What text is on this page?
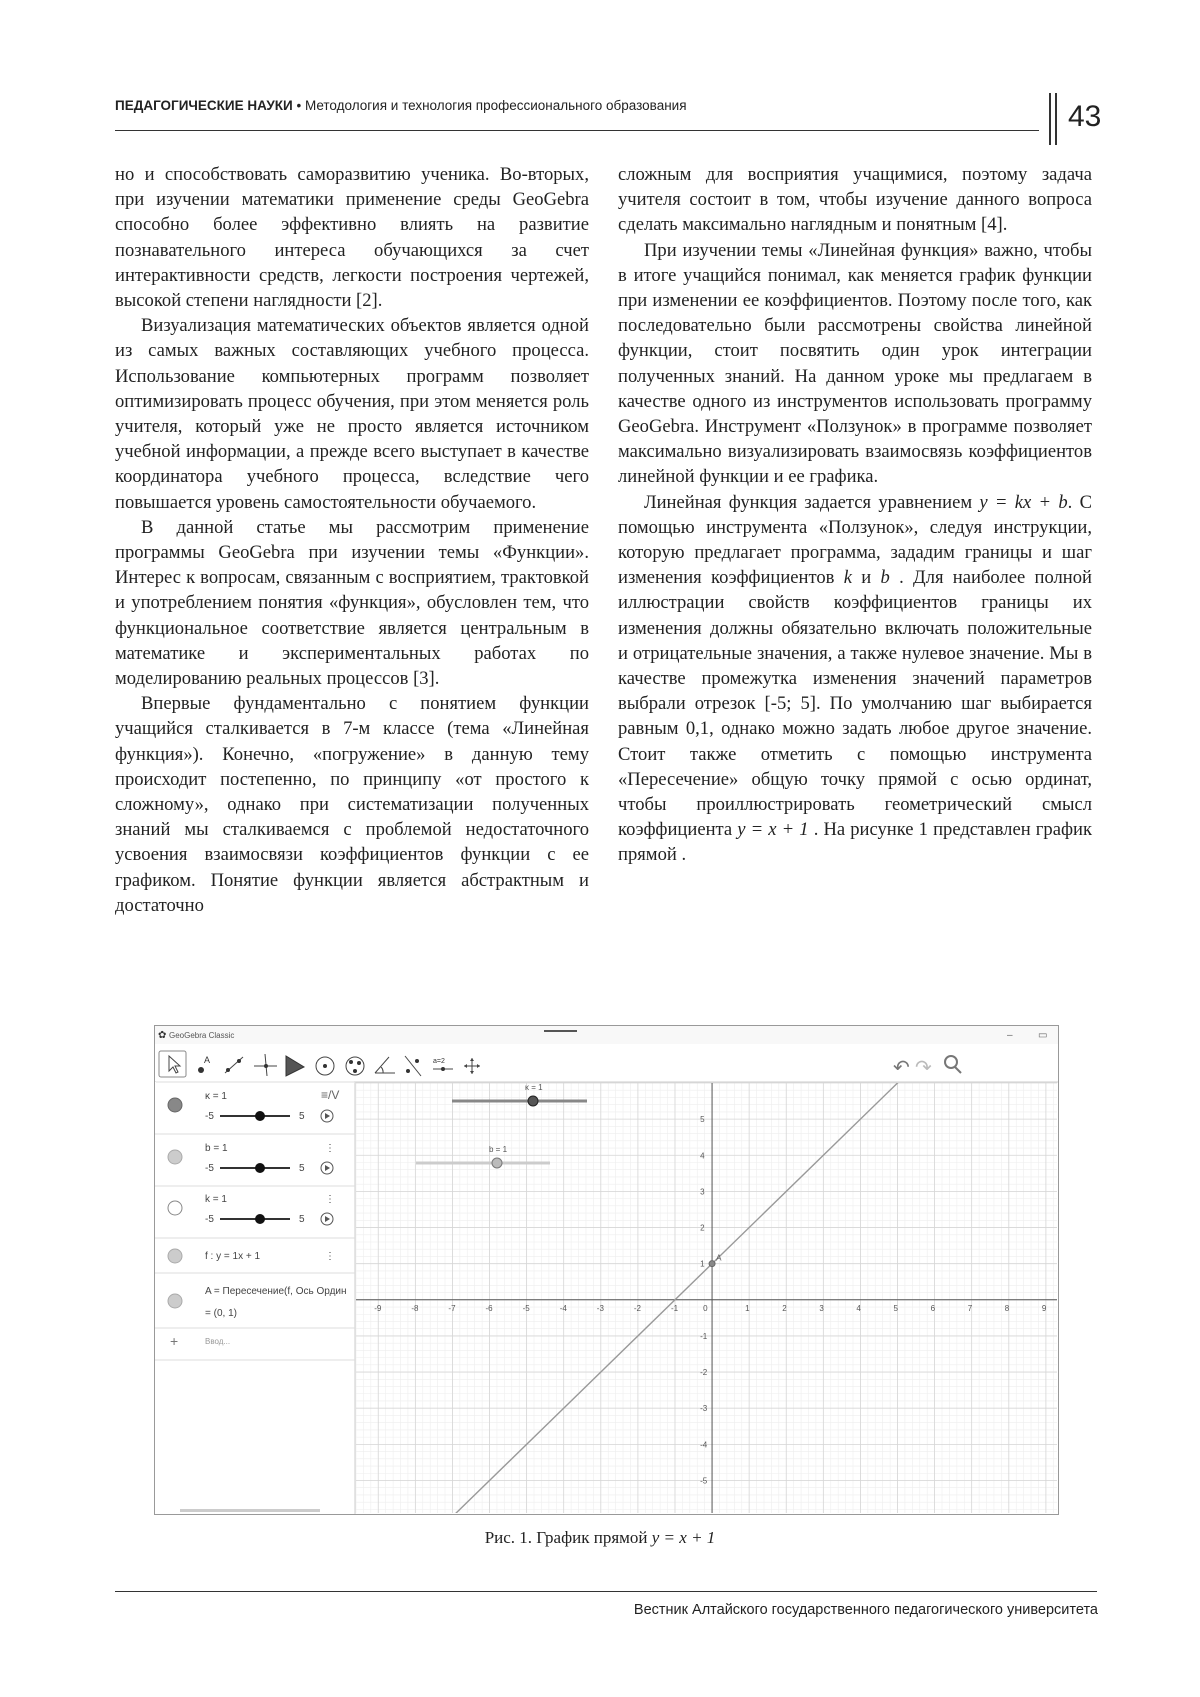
ПЕДАГОГИЧЕСКИЕ НАУКИ • Методология и технология профессионального образования	43

но и способствовать саморазвитию ученика. Во-вторых, при изучении математики применение среды GeoGebra способно более эффективно влиять на развитие познавательного интереса обучающихся за счет интерактивности средств, легкости построения чертежей, высокой степени наглядности [2].

Визуализация математических объектов является одной из самых важных составляющих учебного процесса. Использование компьютерных программ позволяет оптимизировать процесс обучения, при этом меняется роль учителя, который уже не просто является источником учебной информации, а прежде всего выступает в качестве координатора учебного процесса, вследствие чего повышается уровень самостоятельности обучаемого.

В данной статье мы рассмотрим применение программы GeoGebra при изучении темы «Функции». Интерес к вопросам, связанным с восприятием, трактовкой и употреблением понятия «функция», обусловлен тем, что функциональное соответствие является центральным в математике и экспериментальных работах по моделированию реальных процессов [3].

Впервые фундаментально с понятием функции учащийся сталкивается в 7-м классе (тема «Линейная функция»). Конечно, «погружение» в данную тему происходит постепенно, по принципу «от простого к сложному», однако при систематизации полученных знаний мы сталкиваемся с проблемой недостаточного усвоения взаимосвязи коэффициентов функции с ее графиком. Понятие функции является абстрактным и достаточно

сложным для восприятия учащимися, поэтому задача учителя состоит в том, чтобы изучение данного вопроса сделать максимально наглядным и понятным [4].

При изучении темы «Линейная функция» важно, чтобы в итоге учащийся понимал, как меняется график функции при изменении ее коэффициентов. Поэтому после того, как последовательно были рассмотрены свойства линейной функции, стоит посвятить один урок интеграции полученных знаний. На данном уроке мы предлагаем в качестве одного из инструментов использовать программу GeoGebra. Инструмент «Ползунок» в программе позволяет максимально визуализировать взаимосвязь коэффициентов линейной функции и ее графика.

Линейная функция задается уравнением y = kx + b. С помощью инструмента «Ползунок», следуя инструкции, которую предлагает программа, зададим границы и шаг изменения коэффициентов k и b . Для наиболее полной иллюстрации свойств коэффициентов границы их изменения должны обязательно включать положительные и отрицательные значения, а также нулевое значение. Мы в качестве промежутка изменения значений параметров выбрали отрезок [-5; 5]. По умолчанию шаг выбирается равным 0,1, однако можно задать любое другое значение. Стоит также отметить с помощью инструмента «Пересечение» общую точку прямой с осью ординат, чтобы проиллюстрировать геометрический смысл коэффициента y = x + 1 . На рисунке 1 представлен график прямой .

✿ GeoGebra Classic	–	▭
A	a=2	↶ ↷
κ = 1
-5	5
≡/V
b = 1
-5	5
⋮
k = 1
-5	5
⋮
f : y = 1x + 1	⋮
A = Пересечение(f, Ось Ордин
= (0, 1)
+	Ввод...
-9	-8	-7	-6	-5	-4	-3	-2	-1	1	2	3	4	5	6	7	8	9
-5
-4
-3
-2
-1
1
2
3
4
5
0
A
κ = 1
b = 1
Рис. 1. График прямой y = x + 1
Вестник Алтайского государственного педагогического университета
